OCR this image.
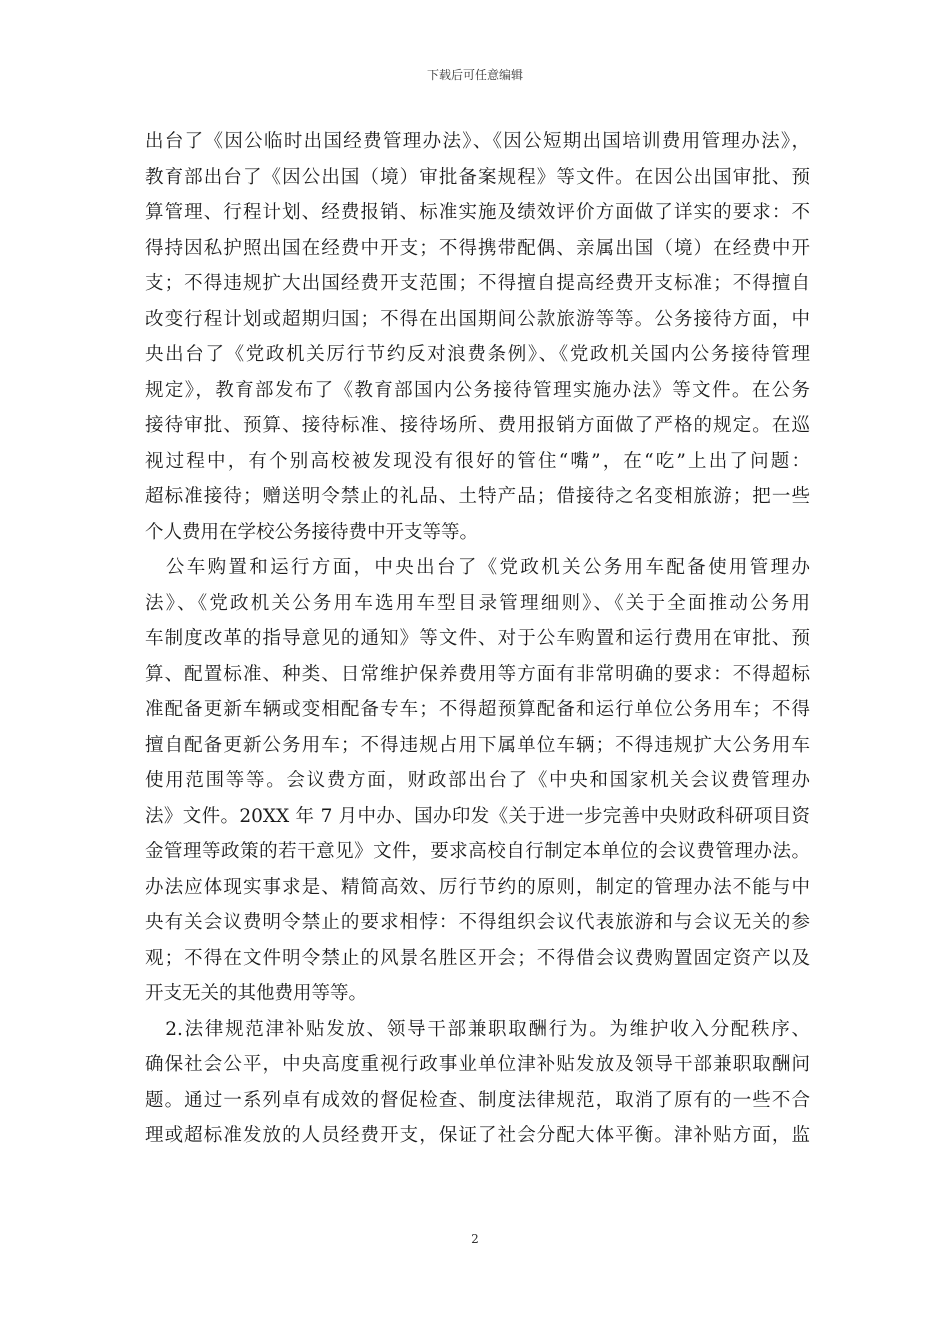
下载后可任意编辑
出台了《因公临时出国经费管理办法》、《因公短期出国培训费用管理办法》，
教育部出台了《因公出国（境）审批备案规程》等文件。在因公出国审批、预
算管理、行程计划、经费报销、标准实施及绩效评价方面做了详实的要求：不
得持因私护照出国在经费中开支；不得携带配偶、亲属出国（境）在经费中开
支；不得违规扩大出国经费开支范围；不得擅自提高经费开支标准；不得擅自
改变行程计划或超期归国；不得在出国期间公款旅游等等。公务接待方面，中
央出台了《党政机关厉行节约反对浪费条例》、《党政机关国内公务接待管理
规定》，教育部发布了《教育部国内公务接待管理实施办法》等文件。在公务
接待审批、预算、接待标准、接待场所、费用报销方面做了严格的规定。在巡
视过程中，有个别高校被发现没有很好的管住“嘴”，在“吃”上出了问题：
超标准接待；赠送明令禁止的礼品、土特产品；借接待之名变相旅游；把一些
个人费用在学校公务接待费中开支等等。
　公车购置和运行方面，中央出台了《党政机关公务用车配备使用管理办
法》、《党政机关公务用车选用车型目录管理细则》、《关于全面推动公务用
车制度改革的指导意见的通知》等文件、对于公车购置和运行费用在审批、预
算、配置标准、种类、日常维护保养费用等方面有非常明确的要求：不得超标
准配备更新车辆或变相配备专车；不得超预算配备和运行单位公务用车；不得
擅自配备更新公务用车；不得违规占用下属单位车辆；不得违规扩大公务用车
使用范围等等。会议费方面，财政部出台了《中央和国家机关会议费管理办
法》文件。20XX 年 7 月中办、国办印发《关于进一步完善中央财政科研项目资
金管理等政策的若干意见》文件，要求高校自行制定本单位的会议费管理办法。
办法应体现实事求是、精简高效、厉行节约的原则，制定的管理办法不能与中
央有关会议费明令禁止的要求相悖：不得组织会议代表旅游和与会议无关的参
观；不得在文件明令禁止的风景名胜区开会；不得借会议费购置固定资产以及
开支无关的其他费用等等。
　2.法律规范津补贴发放、领导干部兼职取酬行为。为维护收入分配秩序、
确保社会公平，中央高度重视行政事业单位津补贴发放及领导干部兼职取酬问
题。通过一系列卓有成效的督促检查、制度法律规范，取消了原有的一些不合
理或超标准发放的人员经费开支，保证了社会分配大体平衡。津补贴方面，监
2
